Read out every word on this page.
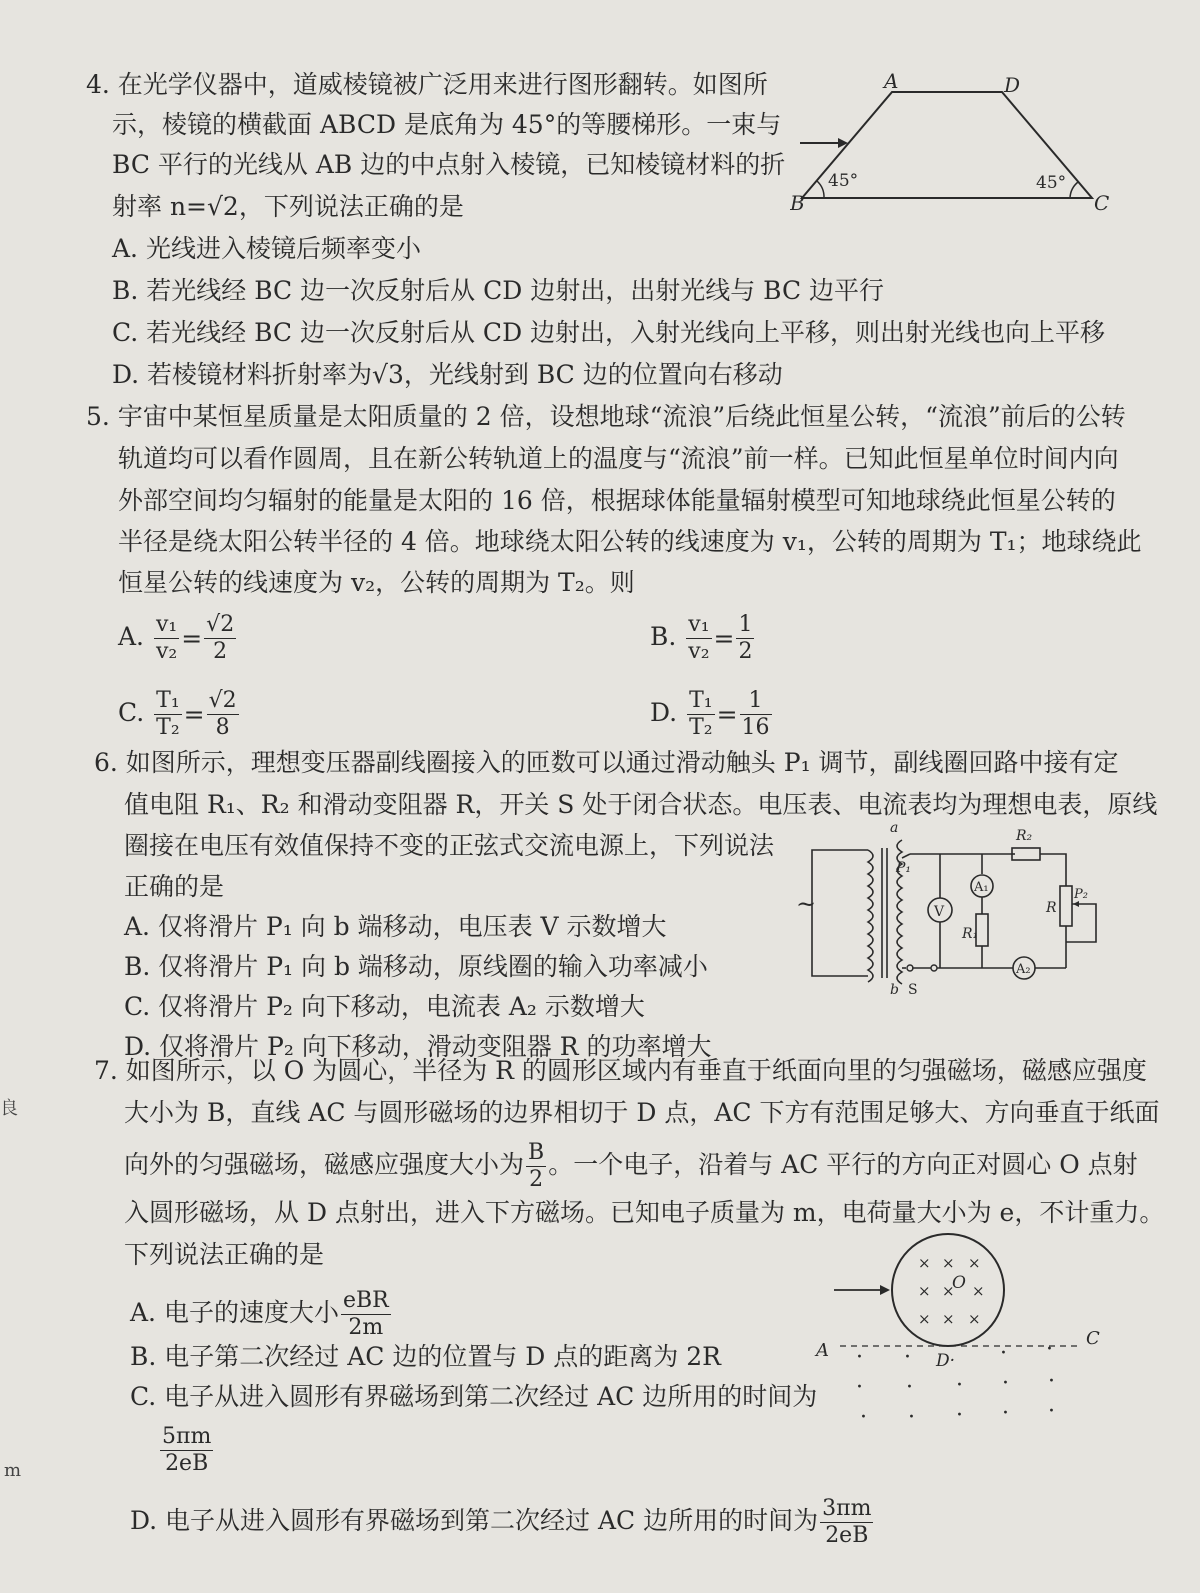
4. 在光学仪器中，道威棱镜被广泛用来进行图形翻转。如图所
示，棱镜的横截面 ABCD 是底角为 45°的等腰梯形。一束与
BC 平行的光线从 AB 边的中点射入棱镜，已知棱镜材料的折
射率 n=√2，下列说法正确的是
A. 光线进入棱镜后频率变小
B. 若光线经 BC 边一次反射后从 CD 边射出，出射光线与 BC 边平行
C. 若光线经 BC 边一次反射后从 CD 边射出，入射光线向上平移，则出射光线也向上平移
D. 若棱镜材料折射率为√3，光线射到 BC 边的位置向右移动
A	D
B	C
45°	45°
5. 宇宙中某恒星质量是太阳质量的 2 倍，设想地球“流浪”后绕此恒星公转，“流浪”前后的公转
轨道均可以看作圆周，且在新公转轨道上的温度与“流浪”前一样。已知此恒星单位时间内向
外部空间均匀辐射的能量是太阳的 16 倍，根据球体能量辐射模型可知地球绕此恒星公转的
半径是绕太阳公转半径的 4 倍。地球绕太阳公转的线速度为 v₁，公转的周期为 T₁；地球绕此
恒星公转的线速度为 v₂，公转的周期为 T₂。则
A. $\frac{\text{v₁}}{\text{v₂}} = \frac{√2}{2}$	B. $\frac{\text{v₁}}{\text{v₂}} = \frac{1}{2}$
C. $\frac{\text{T₁}}{\text{T₂}} = \frac{√2}{8}$	D. $\frac{\text{T₁}}{\text{T₂}} = \frac{1}{16}$
6. 如图所示，理想变压器副线圈接入的匝数可以通过滑动触头 P₁ 调节，副线圈回路中接有定
值电阻 R₁、R₂ 和滑动变阻器 R，开关 S 处于闭合状态。电压表、电流表均为理想电表，原线
圈接在电压有效值保持不变的正弦式交流电源上，下列说法
正确的是
A. 仅将滑片 P₁ 向 b 端移动，电压表 V 示数增大
B. 仅将滑片 P₁ 向 b 端移动，原线圈的输入功率减小
C. 仅将滑片 P₂ 向下移动，电流表 A₂ 示数增大
D. 仅将滑片 P₂ 向下移动，滑动变阻器 R 的功率增大
~
a
b S
P₁
V
A₁
R₁
R₂
R
P₂
A₂
7. 如图所示，以 O 为圆心，半径为 R 的圆形区域内有垂直于纸面向里的匀强磁场，磁感应强度
大小为 B，直线 AC 与圆形磁场的边界相切于 D 点，AC 下方有范围足够大、方向垂直于纸面
向外的匀强磁场，磁感应强度大小为 $\frac{B}{2}$ 。一个电子，沿着与 AC 平行的方向正对圆心 O 点射
入圆形磁场，从 D 点射出，进入下方磁场。已知电子质量为 m，电荷量大小为 e，不计重力。
下列说法正确的是
A. 电子的速度大小 $\frac{\text{eBR}}{2m}$
B. 电子第二次经过 AC 边的位置与 D 点的距离为 2R
C. 电子从进入圆形有界磁场到第二次经过 AC 边所用的时间为
$\frac{5\pi m}{2eB}$
D. 电子从进入圆形有界磁场到第二次经过 AC 边所用的时间为 $\frac{3\pi m}{2eB}$
× × ×
× × ×
× × ×
O
A
C
D·
· ·	· ·
· · · · ·
· · · · ·
良
m
